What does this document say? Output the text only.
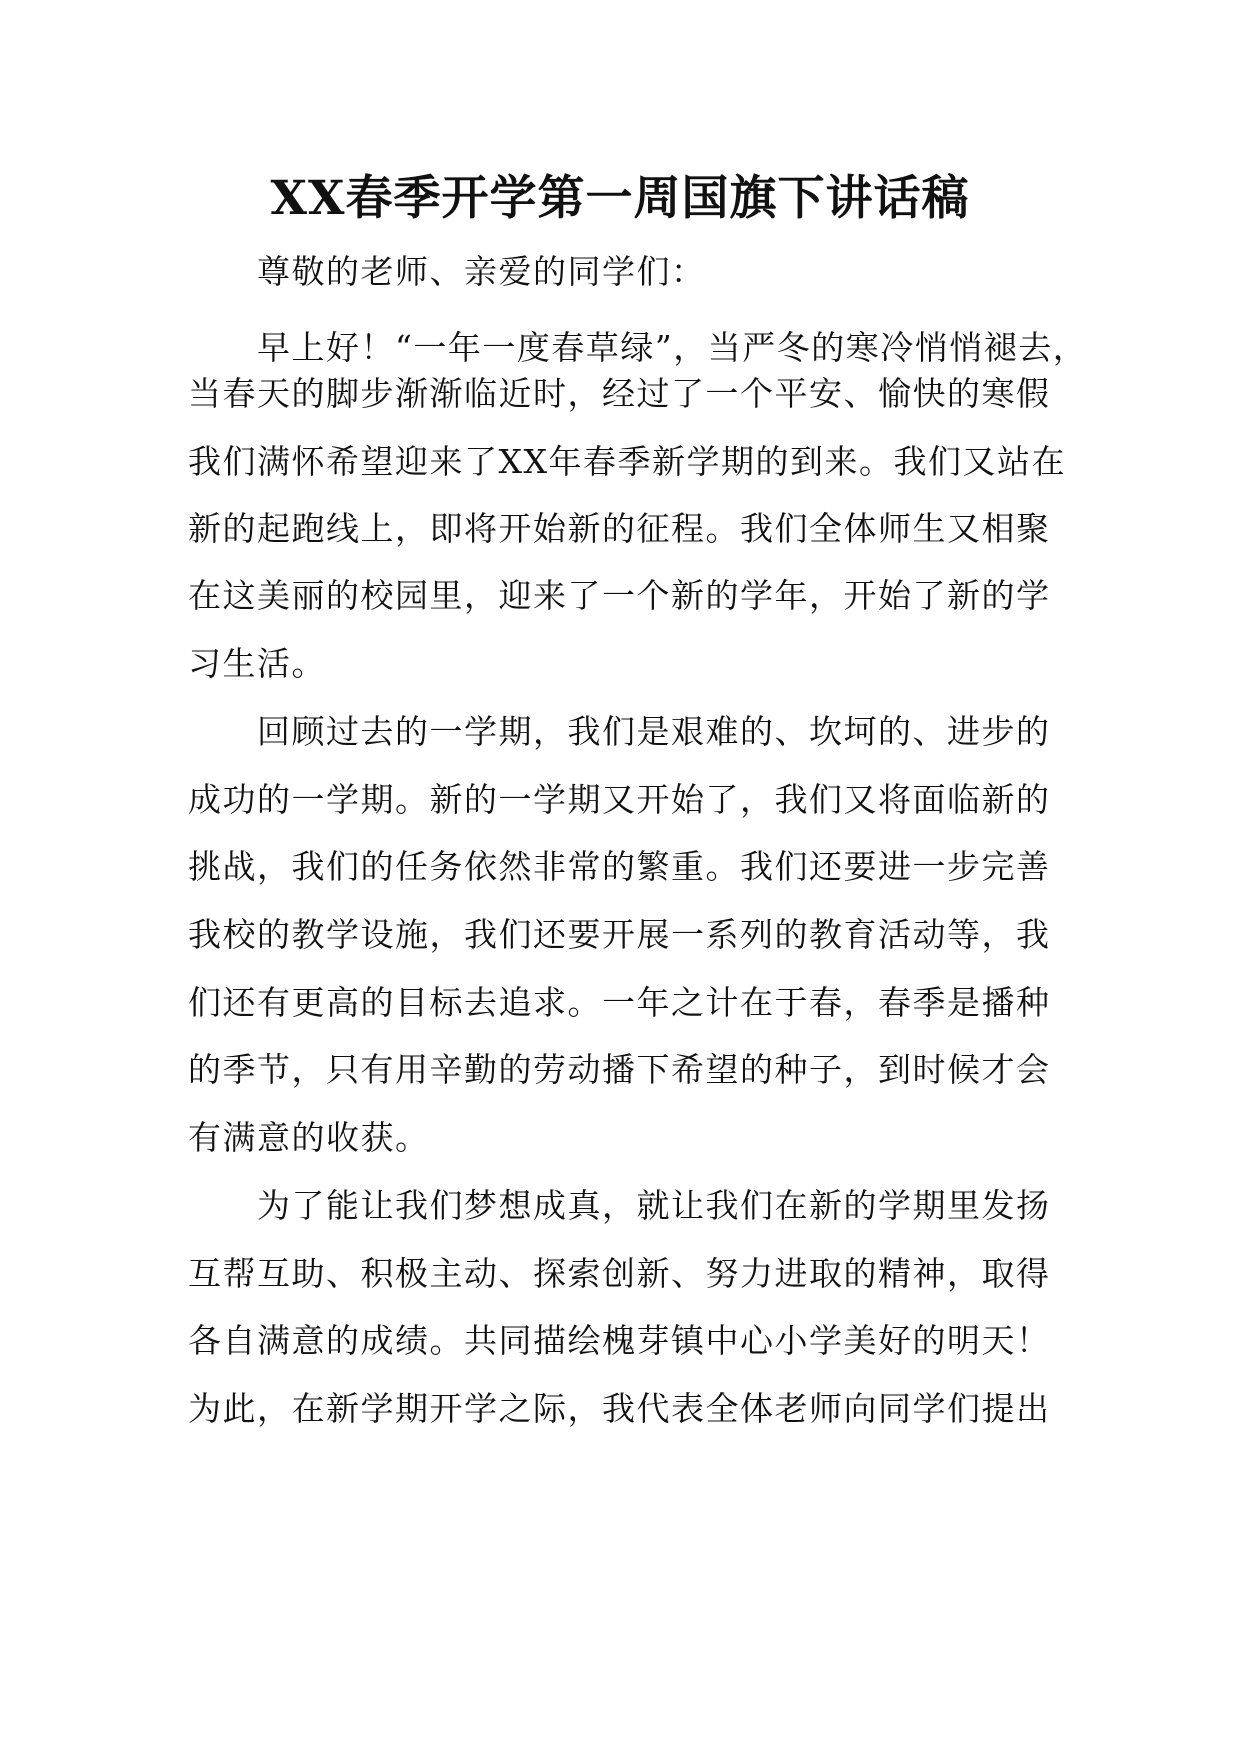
XX春季开学第一周国旗下讲话稿

尊敬的老师、亲爱的同学们：

早上好！“一年一度春草绿”，当严冬的寒冷悄悄褪去，

当春天的脚步渐渐临近时，经过了一个平安、愉快的寒假

我们满怀希望迎来了XX年春季新学期的到来。我们又站在

新的起跑线上，即将开始新的征程。我们全体师生又相聚

在这美丽的校园里，迎来了一个新的学年，开始了新的学

习生活。

回顾过去的一学期，我们是艰难的、坎坷的、进步的

成功的一学期。新的一学期又开始了，我们又将面临新的

挑战，我们的任务依然非常的繁重。我们还要进一步完善

我校的教学设施，我们还要开展一系列的教育活动等，我

们还有更高的目标去追求。一年之计在于春，春季是播种

的季节，只有用辛勤的劳动播下希望的种子，到时候才会

有满意的收获。

为了能让我们梦想成真，就让我们在新的学期里发扬

互帮互助、积极主动、探索创新、努力进取的精神，取得

各自满意的成绩。共同描绘槐芽镇中心小学美好的明天！

为此，在新学期开学之际，我代表全体老师向同学们提出
